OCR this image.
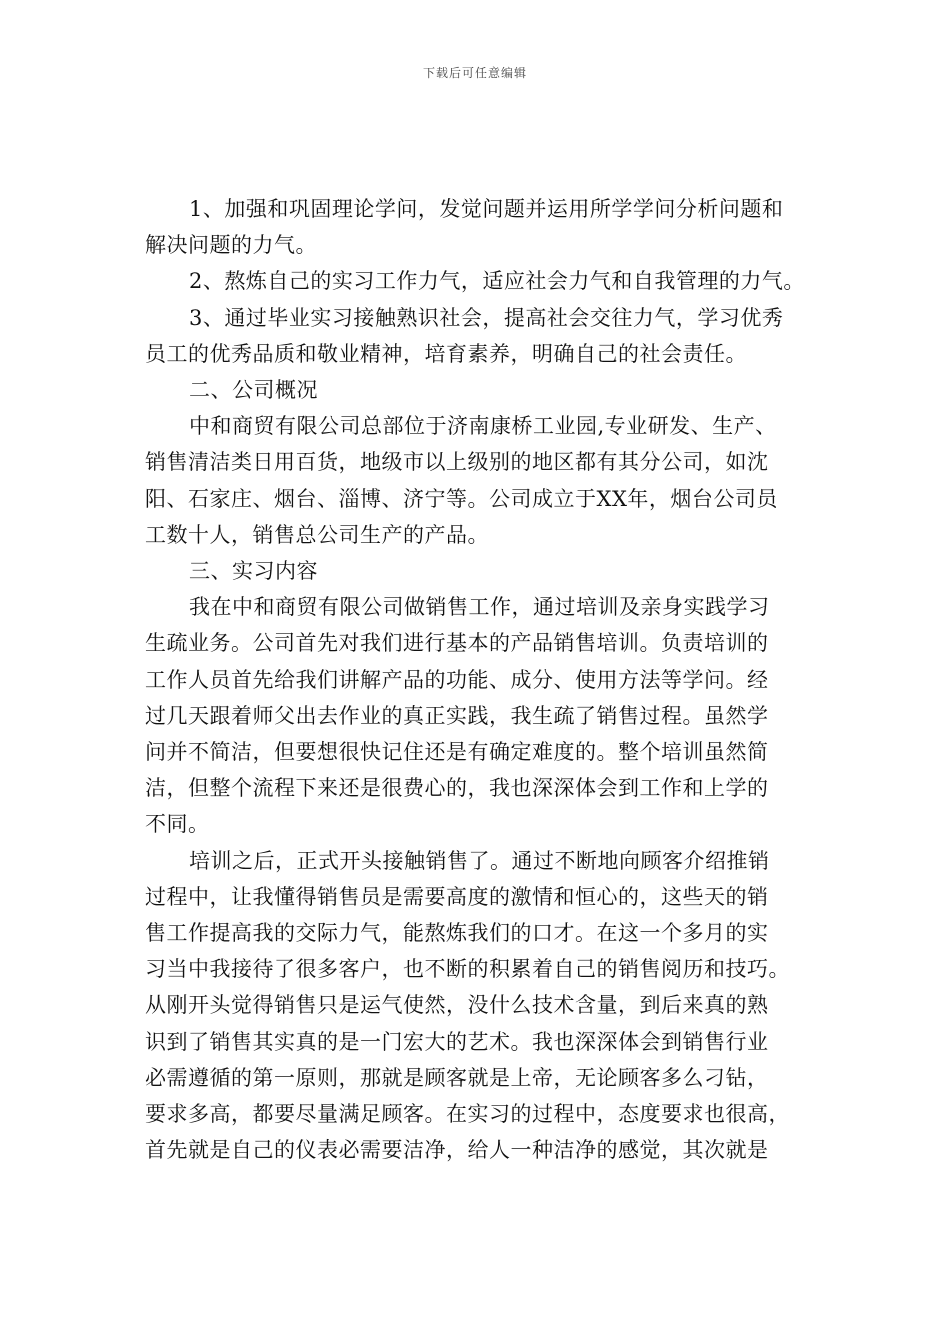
下载后可任意编辑

1、加强和巩固理论学问，发觉问题并运用所学学问分析问题和

解决问题的力气。

2、熬炼自己的实习工作力气，适应社会力气和自我管理的力气。

3、通过毕业实习接触熟识社会，提高社会交往力气，学习优秀

员工的优秀品质和敬业精神，培育素养，明确自己的社会责任。

二、公司概况

中和商贸有限公司总部位于济南康桥工业园,专业研发、生产、

销售清洁类日用百货，地级市以上级别的地区都有其分公司，如沈

阳、石家庄、烟台、淄博、济宁等。公司成立于XX年，烟台公司员

工数十人，销售总公司生产的产品。

三、实习内容

我在中和商贸有限公司做销售工作，通过培训及亲身实践学习

生疏业务。公司首先对我们进行基本的产品销售培训。负责培训的

工作人员首先给我们讲解产品的功能、成分、使用方法等学问。经

过几天跟着师父出去作业的真正实践，我生疏了销售过程。虽然学

问并不简洁，但要想很快记住还是有确定难度的。整个培训虽然简

洁，但整个流程下来还是很费心的，我也深深体会到工作和上学的

不同。

培训之后，正式开头接触销售了。通过不断地向顾客介绍推销

过程中，让我懂得销售员是需要高度的激情和恒心的，这些天的销

售工作提高我的交际力气，能熬炼我们的口才。在这一个多月的实

习当中我接待了很多客户，也不断的积累着自己的销售阅历和技巧。

从刚开头觉得销售只是运气使然，没什么技术含量，到后来真的熟

识到了销售其实真的是一门宏大的艺术。我也深深体会到销售行业

必需遵循的第一原则，那就是顾客就是上帝，无论顾客多么刁钻，

要求多高，都要尽量满足顾客。在实习的过程中，态度要求也很高，

首先就是自己的仪表必需要洁净，给人一种洁净的感觉，其次就是
